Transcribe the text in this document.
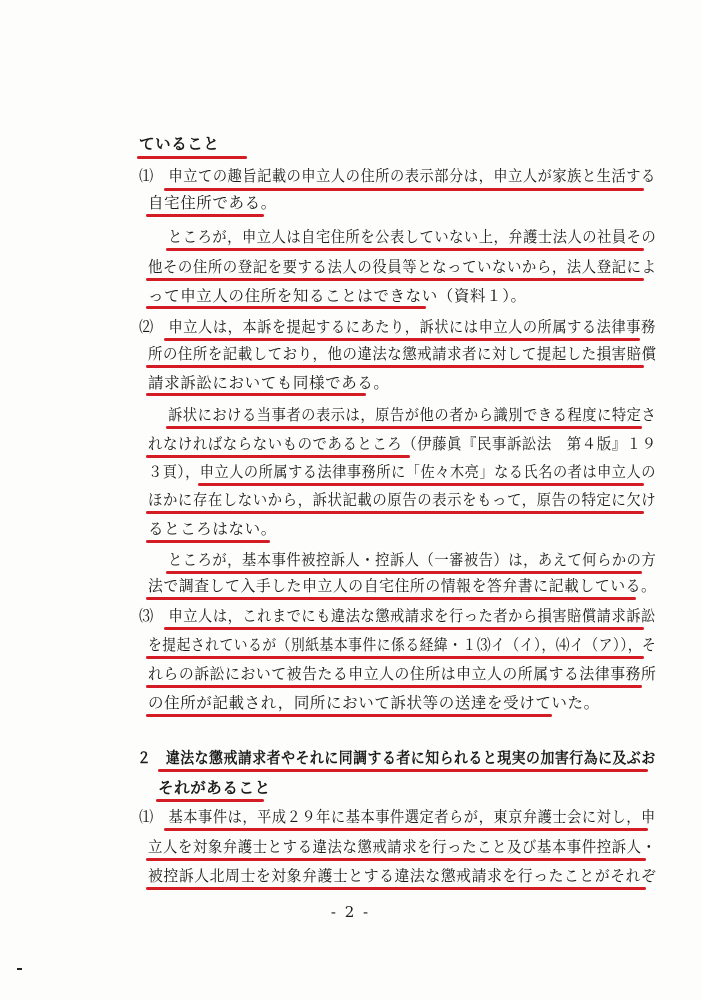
ていること
⑴　申立ての趣旨記載の申立人の住所の表示部分は，申立人が家族と生活する
自宅住所である。
ところが，申立人は自宅住所を公表していない上，弁護士法人の社員その
他その住所の登記を要する法人の役員等となっていないから，法人登記によ
って申立人の住所を知ることはできない（資料１）。
⑵　申立人は，本訴を提起するにあたり，訴状には申立人の所属する法律事務
所の住所を記載しており，他の違法な懲戒請求者に対して提起した損害賠償
請求訴訟においても同様である。
訴状における当事者の表示は，原告が他の者から識別できる程度に特定さ
れなければならないものであるところ（伊藤眞『民事訴訟法　第４版』１９
３頁），申立人の所属する法律事務所に「佐々木亮」なる氏名の者は申立人の
ほかに存在しないから，訴状記載の原告の表示をもって，原告の特定に欠け
るところはない。
ところが，基本事件被控訴人・控訴人（一審被告）は，あえて何らかの方
法で調査して入手した申立人の自宅住所の情報を答弁書に記載している。
⑶　申立人は，これまでにも違法な懲戒請求を行った者から損害賠償請求訴訟
を提起されているが（別紙基本事件に係る経緯・１⑶イ（イ），⑷イ（ア）），そ
れらの訴訟において被告たる申立人の住所は申立人の所属する法律事務所
の住所が記載され，同所において訴状等の送達を受けていた。
２　違法な懲戒請求者やそれに同調する者に知られると現実の加害行為に及ぶお
それがあること
⑴　基本事件は，平成２９年に基本事件選定者らが，東京弁護士会に対し，申
立人を対象弁護士とする違法な懲戒請求を行ったこと及び基本事件控訴人・
被控訴人北周士を対象弁護士とする違法な懲戒請求を行ったことがそれぞ
- 2 -
